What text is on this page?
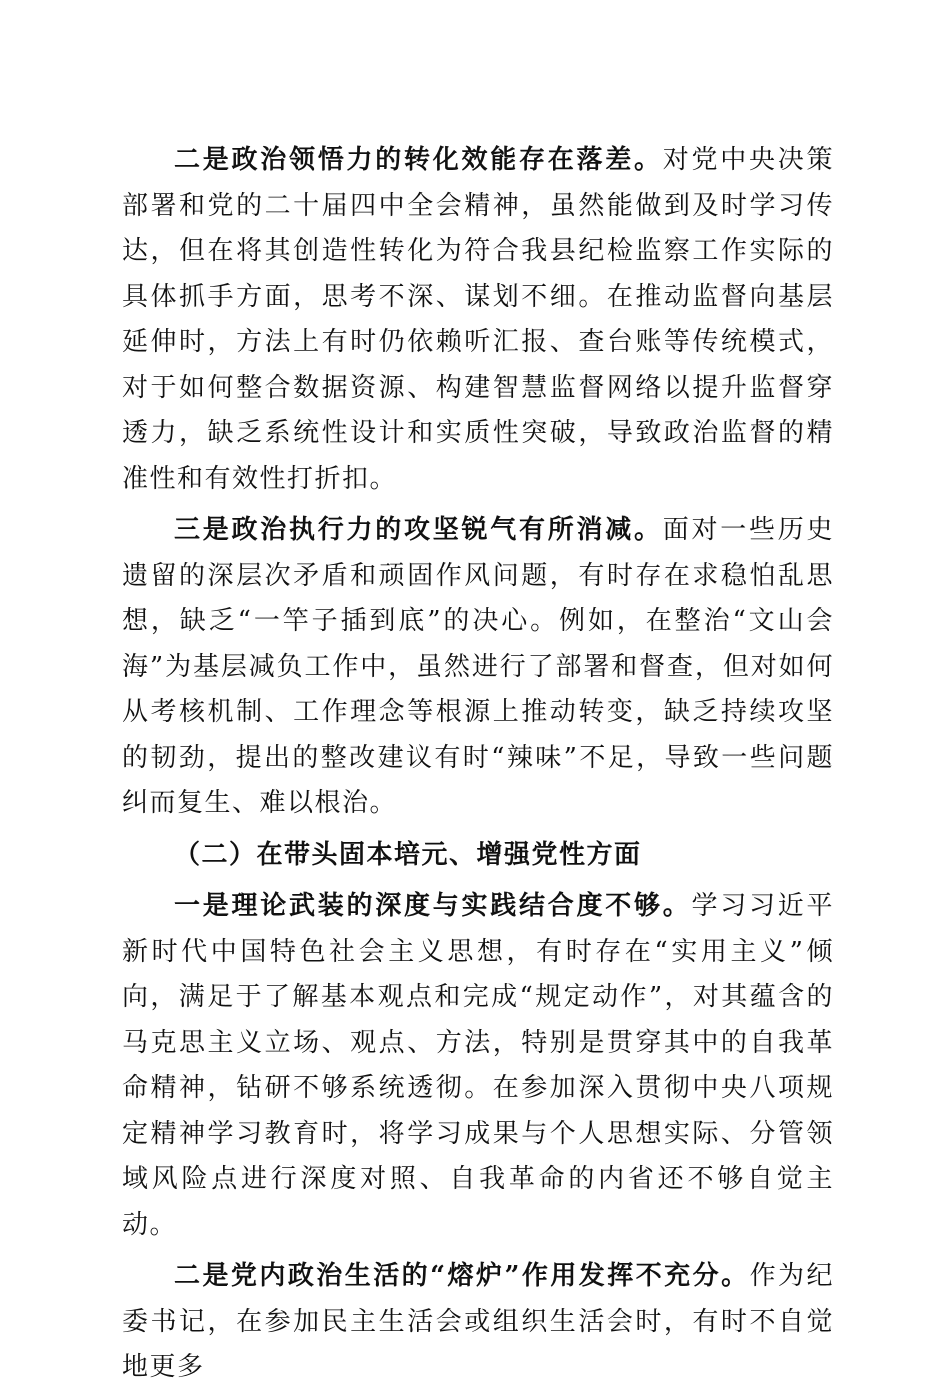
二是政治领悟力的转化效能存在落差。对党中央决策部署和党的二十届四中全会精神，虽然能做到及时学习传达，但在将其创造性转化为符合我县纪检监察工作实际的具体抓手方面，思考不深、谋划不细。在推动监督向基层延伸时，方法上有时仍依赖听汇报、查台账等传统模式，对于如何整合数据资源、构建智慧监督网络以提升监督穿透力，缺乏系统性设计和实质性突破，导致政治监督的精准性和有效性打折扣。

三是政治执行力的攻坚锐气有所消减。面对一些历史遗留的深层次矛盾和顽固作风问题，有时存在求稳怕乱思想，缺乏“一竿子插到底”的决心。例如，在整治“文山会海”为基层减负工作中，虽然进行了部署和督查，但对如何从考核机制、工作理念等根源上推动转变，缺乏持续攻坚的韧劲，提出的整改建议有时“辣味”不足，导致一些问题纠而复生、难以根治。

（二）在带头固本培元、增强党性方面

一是理论武装的深度与实践结合度不够。学习习近平新时代中国特色社会主义思想，有时存在“实用主义”倾向，满足于了解基本观点和完成“规定动作”，对其蕴含的马克思主义立场、观点、方法，特别是贯穿其中的自我革命精神，钻研不够系统透彻。在参加深入贯彻中央八项规定精神学习教育时，将学习成果与个人思想实际、分管领域风险点进行深度对照、自我革命的内省还不够自觉主动。

二是党内政治生活的“熔炉”作用发挥不充分。作为纪委书记，在参加民主生活会或组织生活会时，有时不自觉地更多
